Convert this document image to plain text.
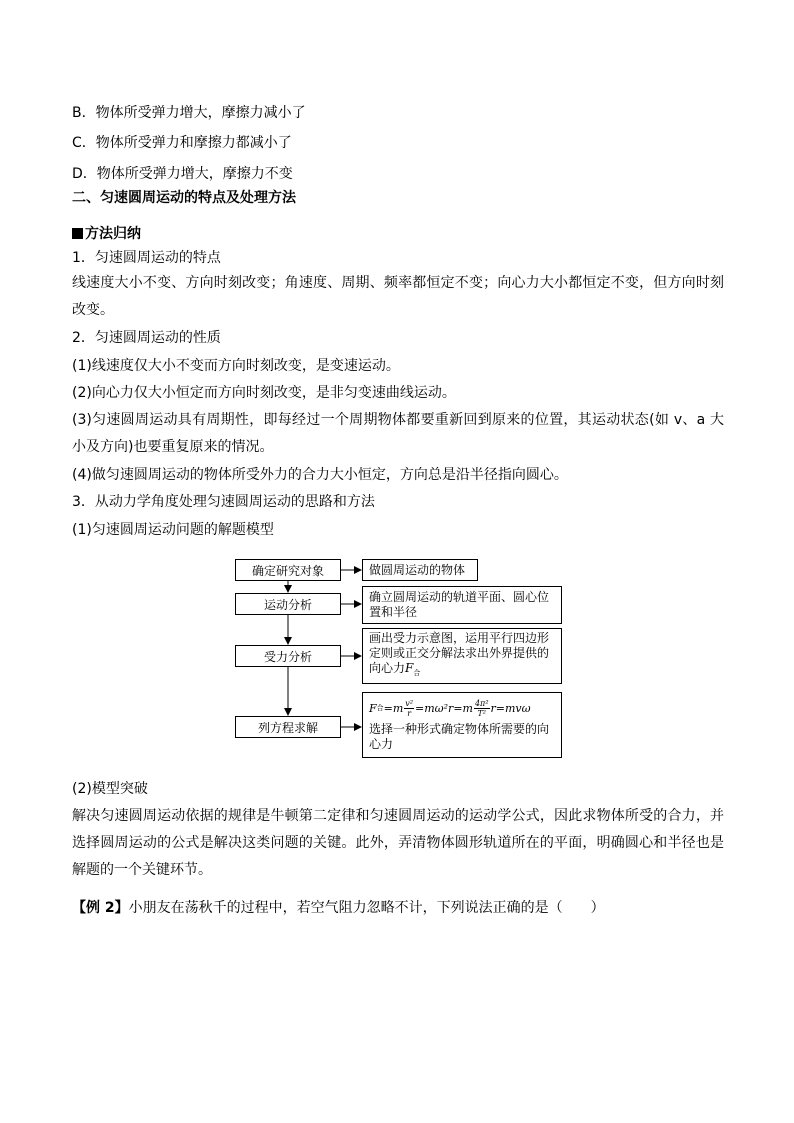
B．物体所受弹力增大，摩擦力减小了
C．物体所受弹力和摩擦力都减小了
D．物体所受弹力增大，摩擦力不变
二、匀速圆周运动的特点及处理方法
方法归纳
1．匀速圆周运动的特点
线速度大小不变、方向时刻改变；角速度、周期、频率都恒定不变；向心力大小都恒定不变，但方向时刻改变。
2．匀速圆周运动的性质
(1)线速度仅大小不变而方向时刻改变，是变速运动。
(2)向心力仅大小恒定而方向时刻改变，是非匀变速曲线运动。
(3)匀速圆周运动具有周期性，即每经过一个周期物体都要重新回到原来的位置，其运动状态(如 v、a 大小及方向)也要重复原来的情况。
(4)做匀速圆周运动的物体所受外力的合力大小恒定，方向总是沿半径指向圆心。
3．从动力学角度处理匀速圆周运动的思路和方法
(1)匀速圆周运动问题的解题模型
确定研究对象
运动分析
受力分析
列方程求解
做圆周运动的物体
确立圆周运动的轨道平面、圆心位置和半径
画出受力示意图，运用平行四边形定则或正交分解法求出外界提供的向心力$F_合$
F 合 $=m \frac{\text{v²}}{r} =m\omega^2r=m \frac{\text{4π²}}{\text{T²}} r=mv\omega$
选择一种形式确定物体所需要的向心力
(2)模型突破
解决匀速圆周运动依据的规律是牛顿第二定律和匀速圆周运动的运动学公式，因此求物体所受的合力，并选择圆周运动的公式是解决这类问题的关键。此外，弄清物体圆形轨道所在的平面，明确圆心和半径也是解题的一个关键环节。
【例 2】小朋友在荡秋千的过程中，若空气阻力忽略不计，下列说法正确的是（　　）
